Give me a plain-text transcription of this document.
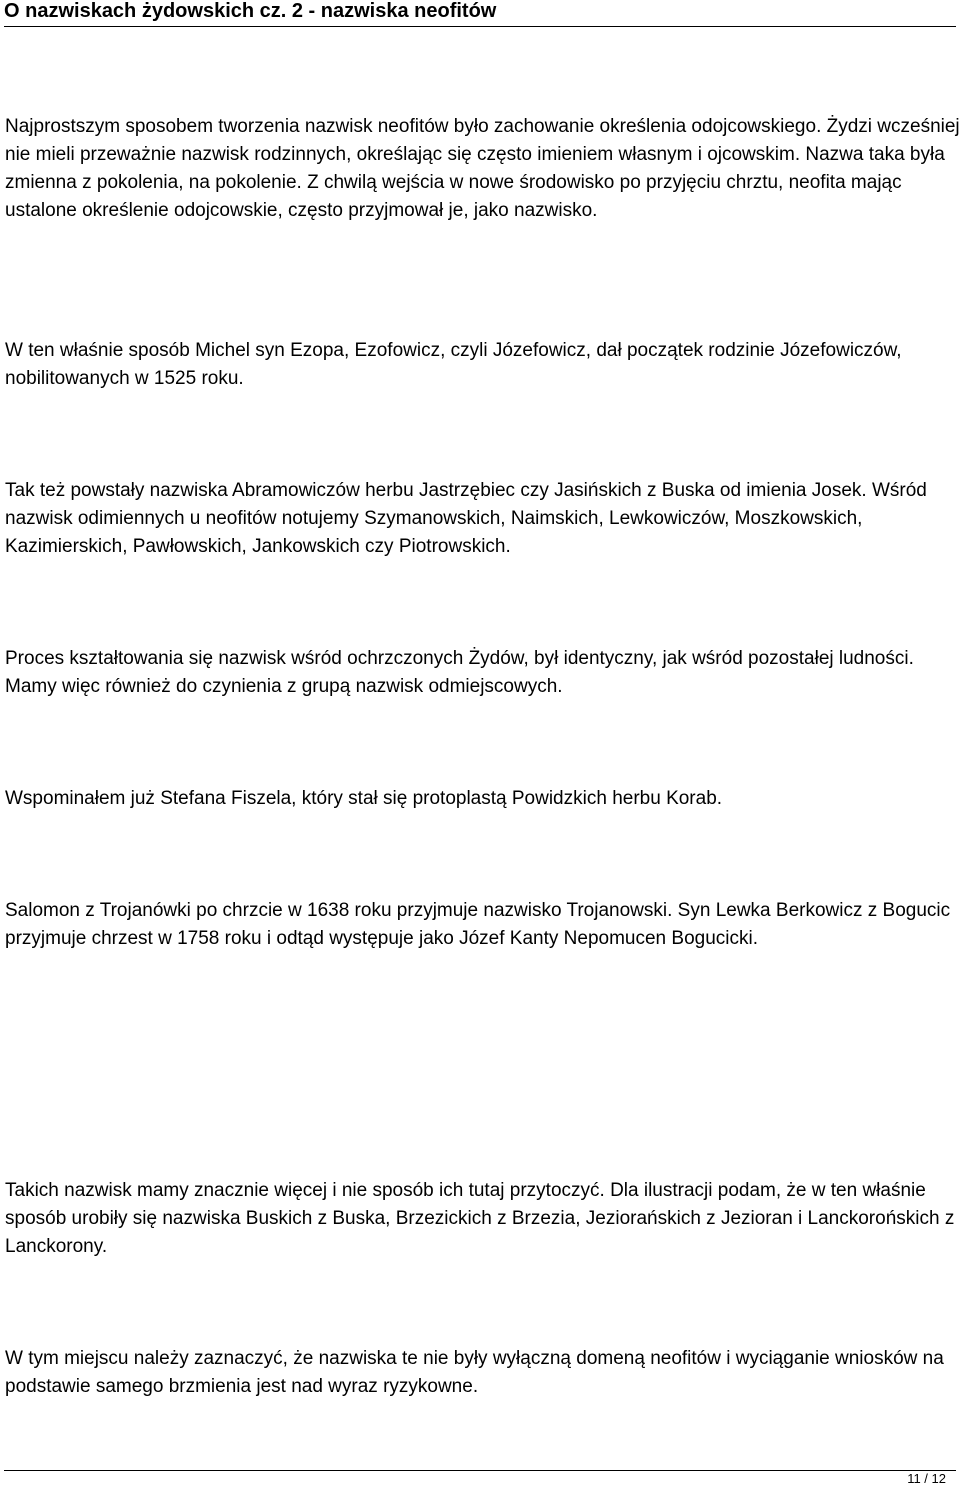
O nazwiskach żydowskich cz. 2 - nazwiska neofitów

Najprostszym sposobem tworzenia nazwisk neofitów było zachowanie określenia odojcowskiego. Żydzi wcześniej nie mieli przeważnie nazwisk rodzinnych, określając się często imieniem własnym i ojcowskim. Nazwa taka była zmienna z pokolenia, na pokolenie. Z chwilą wejścia w nowe środowisko po przyjęciu chrztu, neofita mając ustalone określenie odojcowskie, często przyjmował je, jako nazwisko.

W ten właśnie sposób Michel syn Ezopa, Ezofowicz, czyli Józefowicz, dał początek rodzinie Józefowiczów, nobilitowanych w 1525 roku.

Tak też powstały nazwiska Abramowiczów herbu Jastrzębiec czy Jasińskich z Buska od imienia Josek. Wśród nazwisk odimiennych u neofitów notujemy Szymanowskich, Naimskich, Lewkowiczów, Moszkowskich, Kazimierskich, Pawłowskich, Jankowskich czy Piotrowskich.

Proces kształtowania się nazwisk wśród ochrzczonych Żydów, był identyczny, jak wśród pozostałej ludności. Mamy więc również do czynienia z grupą nazwisk odmiejscowych.

Wspominałem już Stefana Fiszela, który stał się protoplastą Powidzkich herbu Korab.

Salomon z Trojanówki po chrzcie w 1638 roku przyjmuje nazwisko Trojanowski. Syn Lewka Berkowicz z Bogucic przyjmuje chrzest w 1758 roku i odtąd występuje jako Józef Kanty Nepomucen Bogucicki.

Takich nazwisk mamy znacznie więcej i nie sposób ich tutaj przytoczyć. Dla ilustracji podam, że w ten właśnie sposób urobiły się nazwiska Buskich z Buska, Brzezickich z Brzezia, Jeziorańskich z Jezioran i Lanckorońskich z Lanckorony.

W tym miejscu należy zaznaczyć, że nazwiska te nie były wyłączną domeną neofitów i wyciąganie wniosków na podstawie samego brzmienia jest nad wyraz ryzykowne.

11 / 12
